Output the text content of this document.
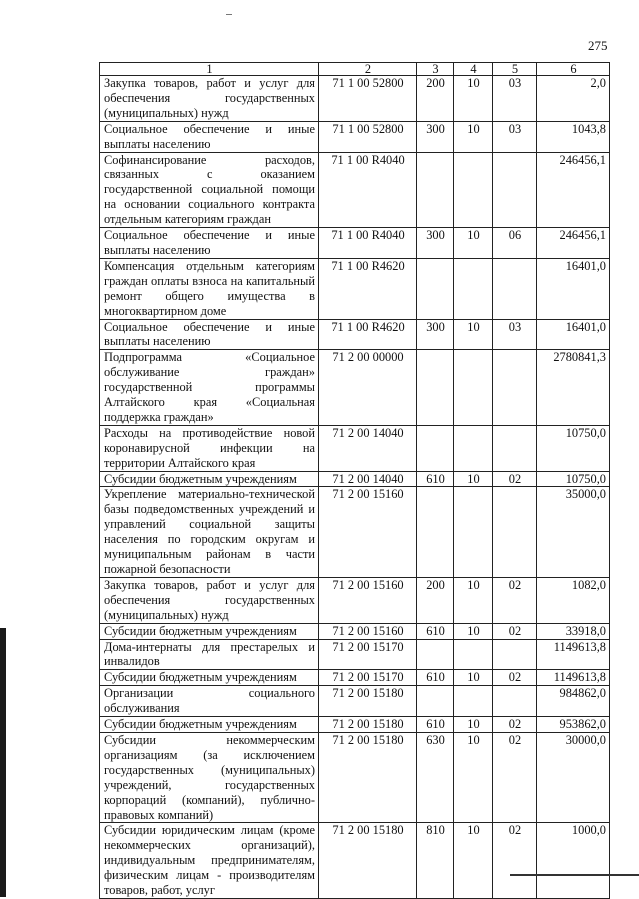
275
1	2	3	4	5	6
Закупка товаров, работ и услуг для обеспечения государственных (муниципальных) нужд	71 1 00 52800	200	10	03	2,0
Социальное обеспечение и иные выплаты населению	71 1 00 52800	300	10	03	1043,8
Софинансирование расходов, связанных с оказанием государственной социальной помощи на основании социального контракта отдельным категориям граждан	71 1 00 R4040				246456,1
Социальное обеспечение и иные выплаты населению	71 1 00 R4040	300	10	06	246456,1
Компенсация отдельным категориям граждан оплаты взноса на капитальный ремонт общего имущества в многоквартирном доме	71 1 00 R4620				16401,0
Социальное обеспечение и иные выплаты населению	71 1 00 R4620	300	10	03	16401,0
Подпрограмма «Социальное обслуживание граждан» государственной программы Алтайского края «Социальная поддержка граждан»	71 2 00 00000				2780841,3
Расходы на противодействие новой коронавирусной инфекции на территории Алтайского края	71 2 00 14040				10750,0
Субсидии бюджетным учреждениям	71 2 00 14040	610	10	02	10750,0
Укрепление материально-технической базы подведомственных учреждений и управлений социальной защиты населения по городским округам и муниципальным районам в части пожарной безопасности	71 2 00 15160				35000,0
Закупка товаров, работ и услуг для обеспечения государственных (муниципальных) нужд	71 2 00 15160	200	10	02	1082,0
Субсидии бюджетным учреждениям	71 2 00 15160	610	10	02	33918,0
Дома-интернаты для престарелых и инвалидов	71 2 00 15170				1149613,8
Субсидии бюджетным учреждениям	71 2 00 15170	610	10	02	1149613,8
Организации социального обслуживания	71 2 00 15180				984862,0
Субсидии бюджетным учреждениям	71 2 00 15180	610	10	02	953862,0
Субсидии некоммерческим организациям (за исключением государственных (муниципальных) учреждений, государственных корпораций (компаний), публично-правовых компаний)	71 2 00 15180	630	10	02	30000,0
Субсидии юридическим лицам (кроме некоммерческих организаций), индивидуальным предпринимателям, физическим лицам - производителям товаров, работ, услуг	71 2 00 15180	810	10	02	1000,0
